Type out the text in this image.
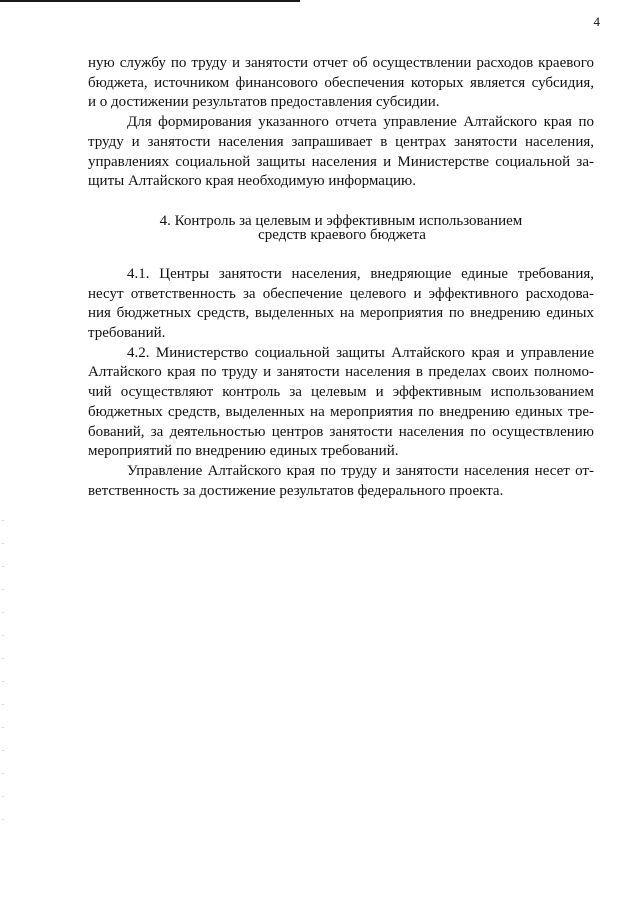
4

ную службу по труду и занятости отчет об осуществлении расходов краевого
бюджета, источником финансового обеспечения которых является субсидия,
и о достижении результатов предоставления субсидии.

Для формирования указанного отчета управление Алтайского края по
труду и занятости населения запрашивает в центрах занятости населения,
управлениях социальной защиты населения и Министерстве социальной за-
щиты Алтайского края необходимую информацию.

4. Контроль за целевым и эффективным использованием
средств краевого бюджета

4.1. Центры занятости населения, внедряющие единые требования,
несут ответственность за обеспечение целевого и эффективного расходова-
ния бюджетных средств, выделенных на мероприятия по внедрению единых
требований.

4.2. Министерство социальной защиты Алтайского края и управление
Алтайского края по труду и занятости населения в пределах своих полномо-
чий осуществляют контроль за целевым и эффективным использованием
бюджетных средств, выделенных на мероприятия по внедрению единых тре-
бований, за деятельностью центров занятости населения по осуществлению
мероприятий по внедрению единых требований.

Управление Алтайского края по труду и занятости населения несет от-
ветственность за достижение результатов федерального проекта.
